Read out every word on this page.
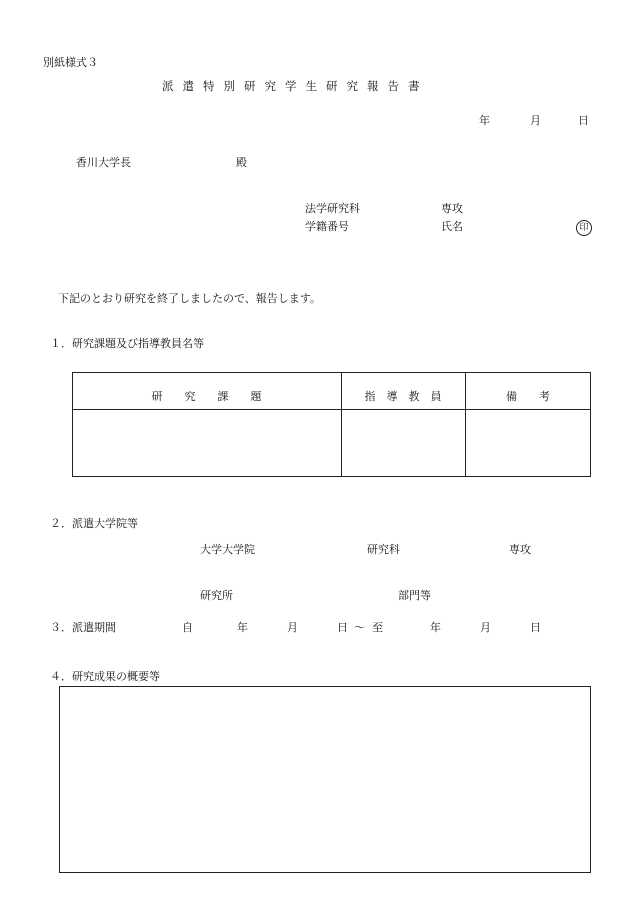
別紙様式３
派遣特別研究学生研究報告書
年	月	日
香川大学長	殿
法学研究科	専攻
学籍番号	氏名	印
下記のとおり研究を終了しましたので、報告します。
１．研究課題及び指導教員名等
研　　究　　課　　題	指　導　教　員	備　　考
２．派遣大学院等
大学大学院	研究科	専攻
研究所	部門等
３．派遣期間	自	年	月	日 〜 至	年	月	日
４．研究成果の概要等
